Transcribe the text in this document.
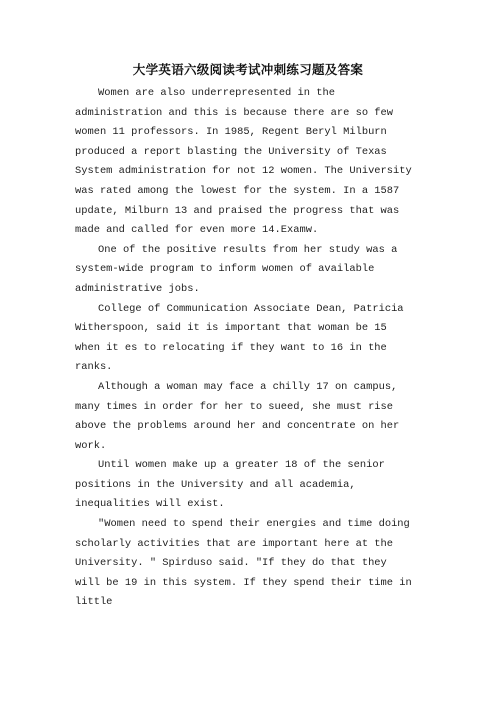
大学英语六级阅读考试冲刺练习题及答案

Women are also underrepresented in the administration and this is because there are so few women 11 professors. In 1985, Regent Beryl Milburn produced a report blasting the University of Texas System administration for not 12 women. The University was rated among the lowest for the system. In a 1587 update, Milburn 13 and praised the progress that was made and called for even more 14.Examw.

One of the positive results from her study was a system-wide program to inform women of available administrative jobs.

College of Communication Associate Dean, Patricia Witherspoon, said it is important that woman be 15 when it es to relocating if they want to 16 in the ranks.

Although a woman may face a chilly 17 on campus, many times in order for her to sueed, she must rise above the problems around her and concentrate on her work.

Until women make up a greater 18 of the senior positions in the University and all academia, inequalities will exist.

"Women need to spend their energies and time doing scholarly activities that are important here at the University. " Spirduso said. "If they do that they will be 19 in this system. If they spend their time in little
